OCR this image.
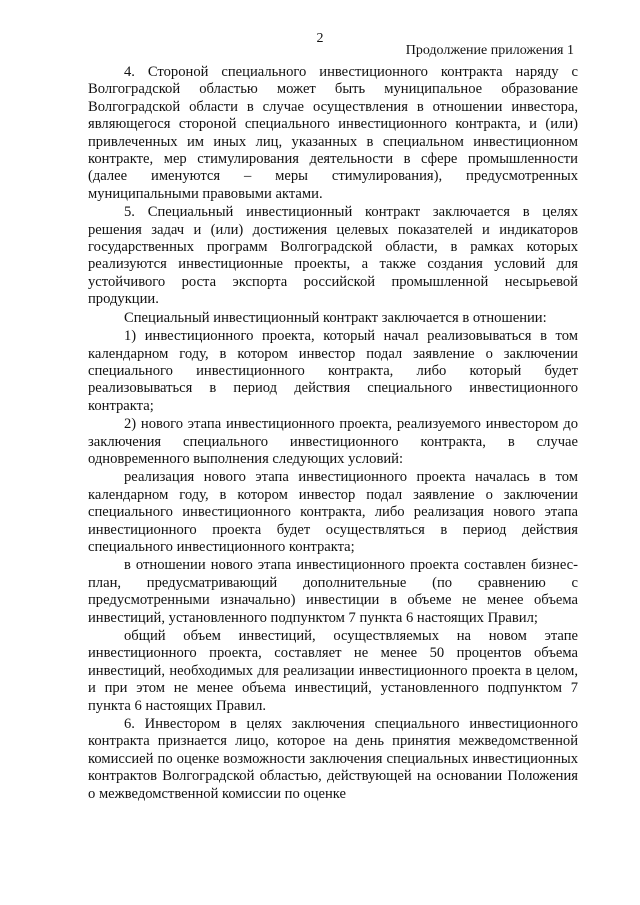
2
Продолжение приложения 1

4. Стороной специального инвестиционного контракта наряду с Волгоградской областью может быть муниципальное образование Волгоградской области в случае осуществления в отношении инвестора, являющегося стороной специального инвестиционного контракта, и (или) привлеченных им иных лиц, указанных в специальном инвестиционном контракте, мер стимулирования деятельности в сфере промышленности (далее именуются – меры стимулирования), предусмотренных муниципальными правовыми актами.

5. Специальный инвестиционный контракт заключается в целях решения задач и (или) достижения целевых показателей и индикаторов государственных программ Волгоградской области, в рамках которых реализуются инвестиционные проекты, а также создания условий для устойчивого роста экспорта российской промышленной несырьевой продукции.

Специальный инвестиционный контракт заключается в отношении:

1) инвестиционного проекта, который начал реализовываться в том календарном году, в котором инвестор подал заявление о заключении специального инвестиционного контракта, либо который будет реализовываться в период действия специального инвестиционного контракта;

2) нового этапа инвестиционного проекта, реализуемого инвестором до заключения специального инвестиционного контракта, в случае одновременного выполнения следующих условий:

реализация нового этапа инвестиционного проекта началась в том календарном году, в котором инвестор подал заявление о заключении специального инвестиционного контракта, либо реализация нового этапа инвестиционного проекта будет осуществляться в период действия специального инвестиционного контракта;

в отношении нового этапа инвестиционного проекта составлен бизнес-план, предусматривающий дополнительные (по сравнению с предусмотренными изначально) инвестиции в объеме не менее объема инвестиций, установленного подпунктом 7 пункта 6 настоящих Правил;

общий объем инвестиций, осуществляемых на новом этапе инвестиционного проекта, составляет не менее 50 процентов объема инвестиций, необходимых для реализации инвестиционного проекта в целом, и при этом не менее объема инвестиций, установленного подпунктом 7 пункта 6 настоящих Правил.

6. Инвестором в целях заключения специального инвестиционного контракта признается лицо, которое на день принятия межведомственной комиссией по оценке возможности заключения специальных инвестиционных контрактов Волгоградской областью, действующей на основании Положения о межведомственной комиссии по оценке
